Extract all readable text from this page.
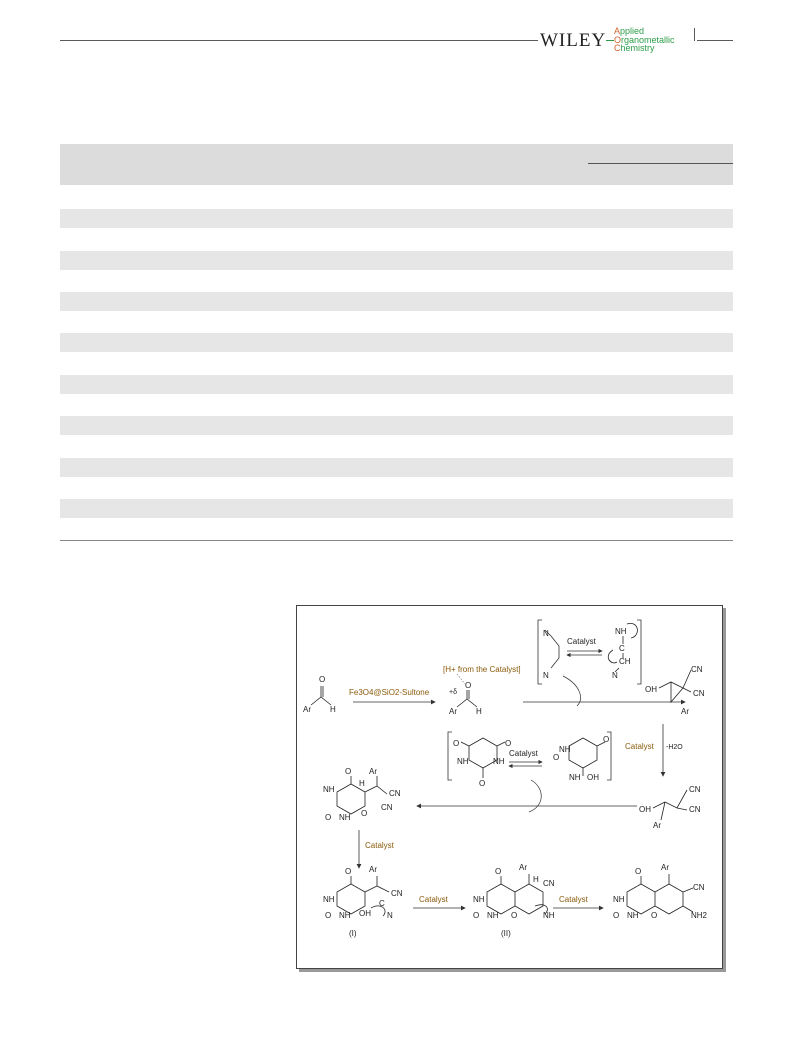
WILEY Applied
Organometallic
Chemistry
O
Ar H
Fe3O4@SiO2-Sultone
[H+ from the Catalyst]
+δ
O
Ar H
N
N
Catalyst
NH
C
CH
N
OH
CN
CN
Ar
Catalyst -H2O
O	O
NH	NH
O
Catalyst O
NH
O
NH OH
OH
CN
CN
Ar
O
NH
NH
O
Ar
H
CN
CN
O
Catalyst
O
NH
NH
O
Ar
CN
OH
C
N
(I)
Catalyst
O
NH
NH
O
Ar
H CN
O	NH
(II)
Catalyst
O
NH
NH
O
Ar
CN
O	NH2
